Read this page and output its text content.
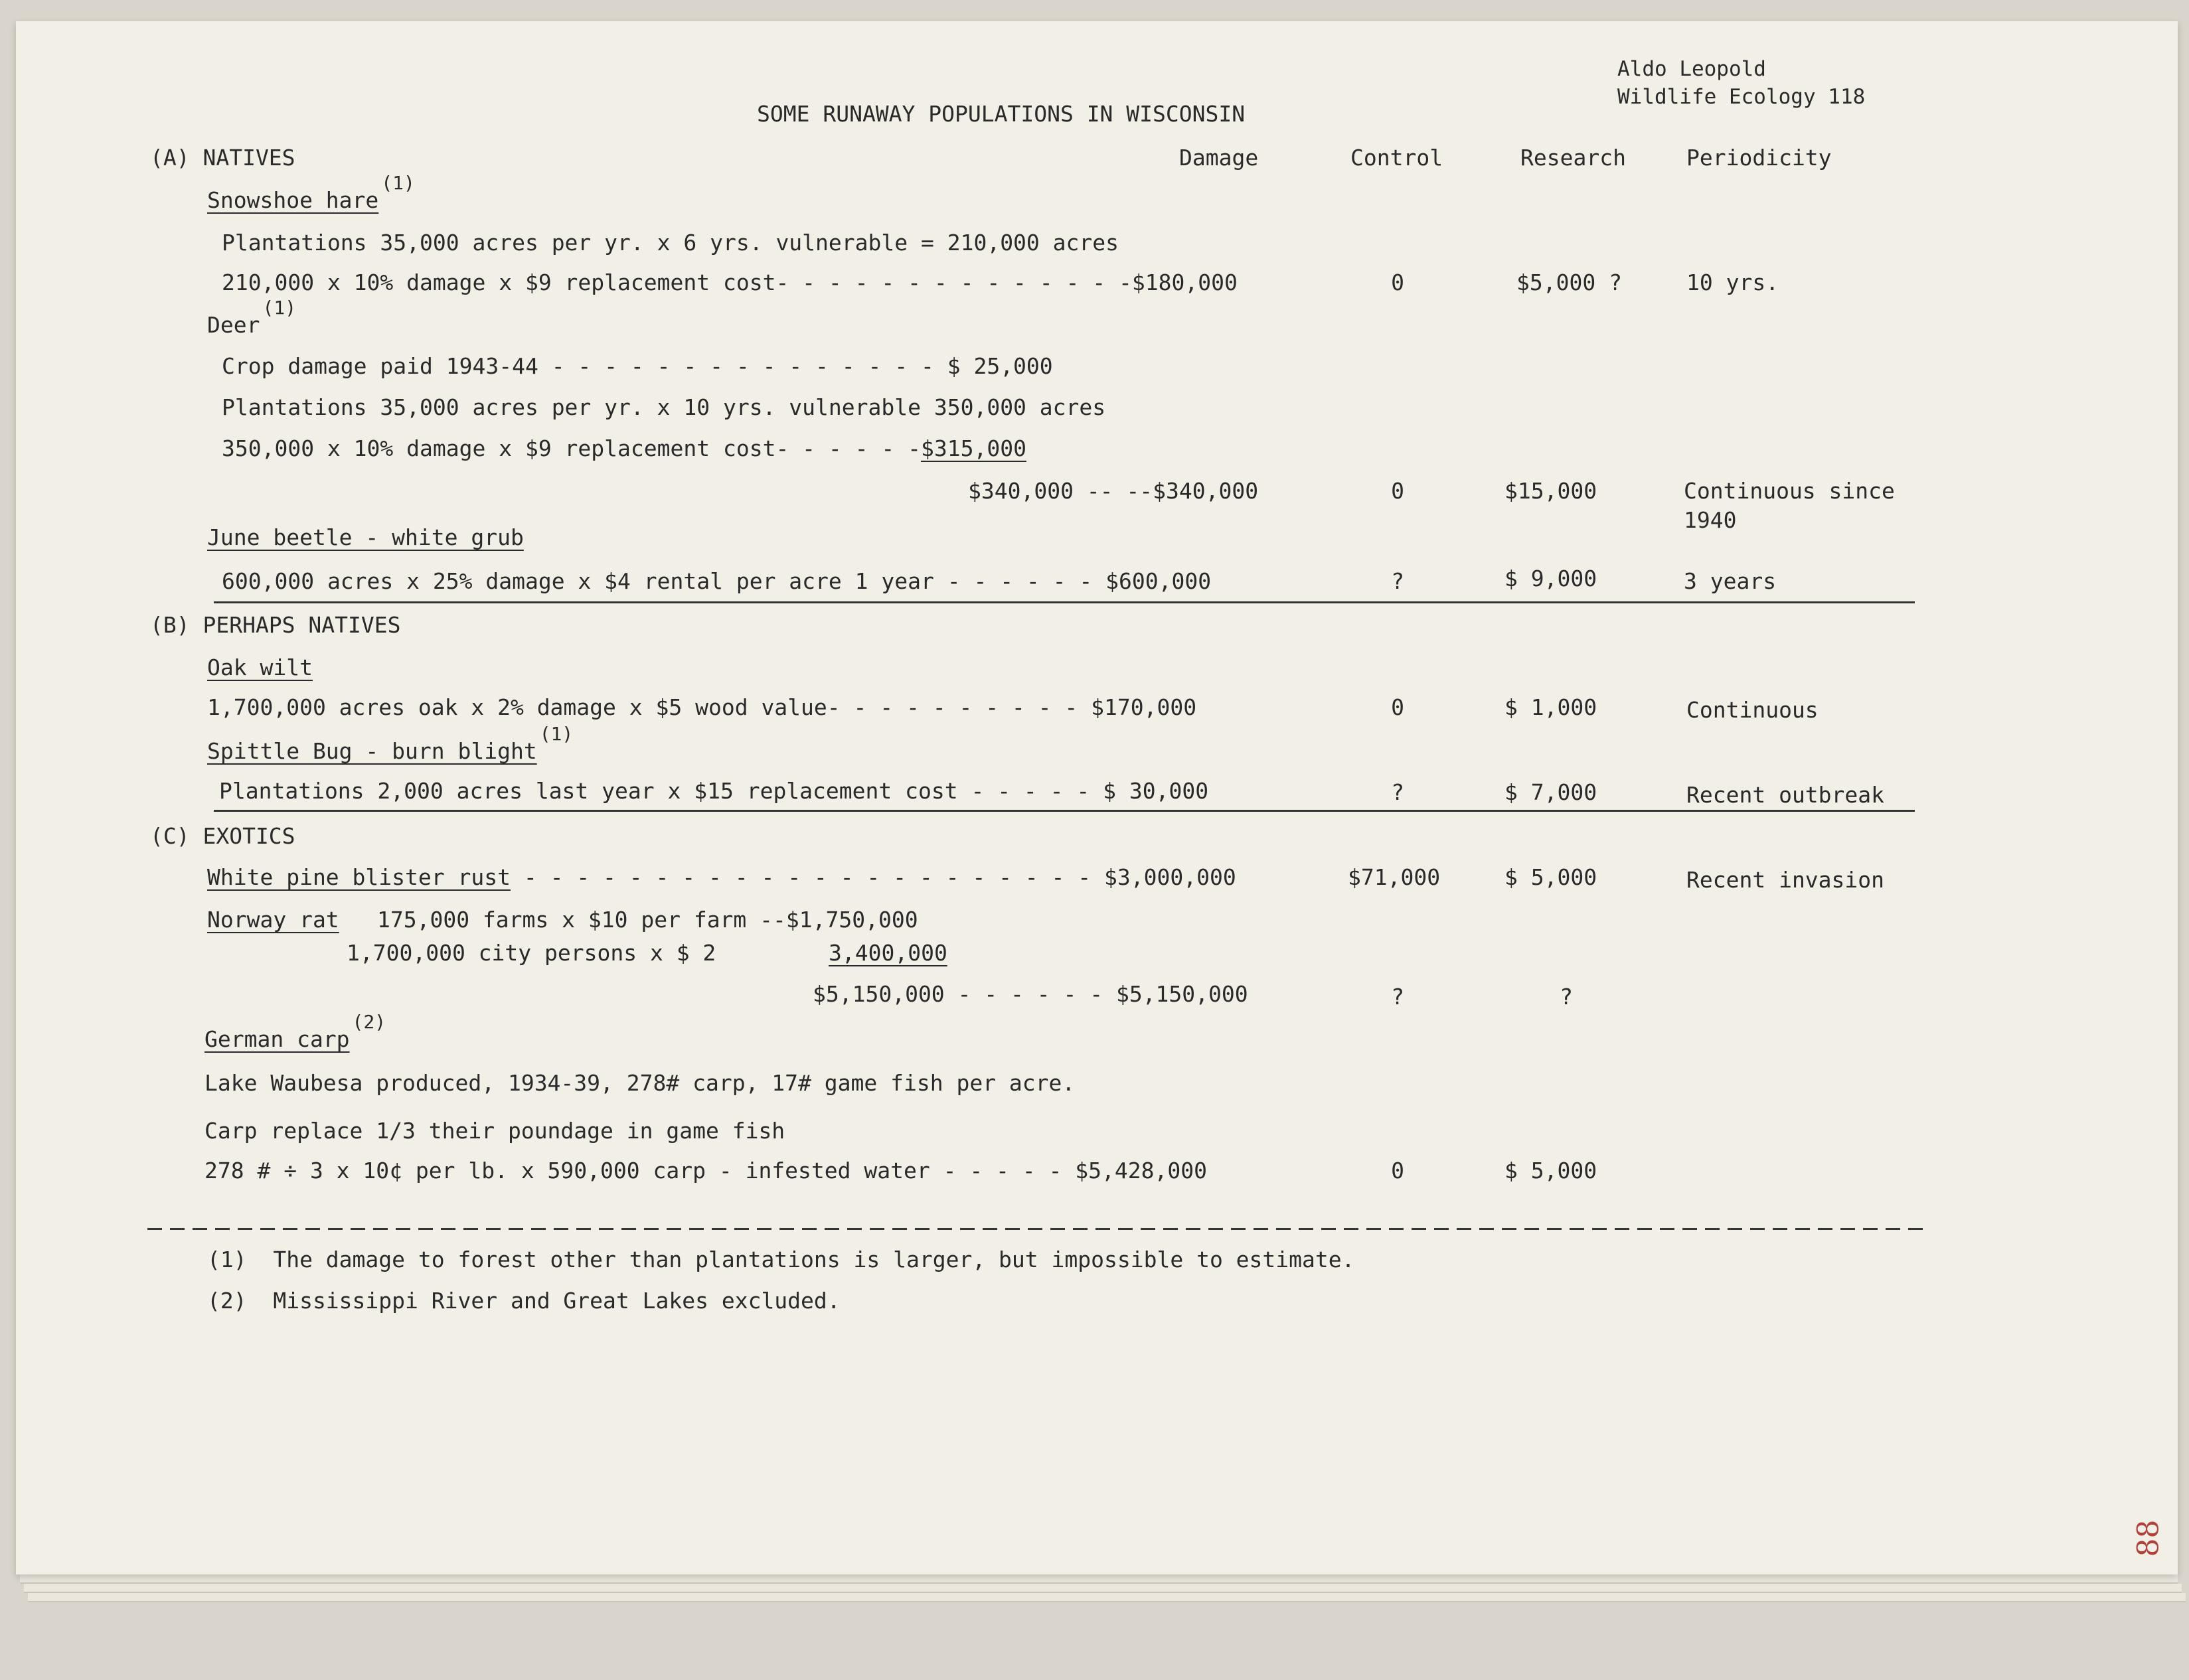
Aldo Leopold
Wildlife Ecology 118
SOME RUNAWAY POPULATIONS IN WISCONSIN
(A) NATIVES	Damage	Control	Research	Periodicity
Snowshoe hare$^{(1)}$
Plantations 35,000 acres per yr. x 6 yrs. vulnerable = 210,000 acres
210,000 x 10% damage x $9 replacement cost- - - - - - - - - - - - - -$180,000	0	$5,000 ?	10 yrs.
Deer$^{(1)}$
Crop damage paid 1943-44 - - - - - - - - - - - - - - - $ 25,000
Plantations 35,000 acres per yr. x 10 yrs. vulnerable 350,000 acres
350,000 x 10% damage x $9 replacement cost- - - - - -$315,000
$340,000 -- --$340,000	0	$15,000	Continuous since
1940
June beetle - white grub
600,000 acres x 25% damage x $4 rental per acre 1 year - - - - - - $600,000	?	$ 9,000	3 years
(B) PERHAPS NATIVES
Oak wilt
1,700,000 acres oak x 2% damage x $5 wood value- - - - - - - - - - $170,000	0	$ 1,000	Continuous
Spittle Bug - burn blight$^{(1)}$
Plantations 2,000 acres last year x $15 replacement cost - - - - - $ 30,000	?	$ 7,000	Recent outbreak
(C) EXOTICS
White pine blister rust - - - - - - - - - - - - - - - - - - - - - - $3,000,000	$71,000	$ 5,000	Recent invasion
Norway rat 175,000 farms x $10 per farm --$1,750,000
1,700,000 city persons x $ 2	3,400,000
$5,150,000 - - - - - - $5,150,000	?	?
German carp$^{(2)}$
Lake Waubesa produced, 1934-39, 278# carp, 17# game fish per acre.
Carp replace 1/3 their poundage in game fish
278 # ÷ 3 x 10¢ per lb. x 590,000 carp - infested water - - - - - $5,428,000	0	$ 5,000
(1)  The damage to forest other than plantations is larger, but impossible to estimate.
(2)  Mississippi River and Great Lakes excluded.
88
